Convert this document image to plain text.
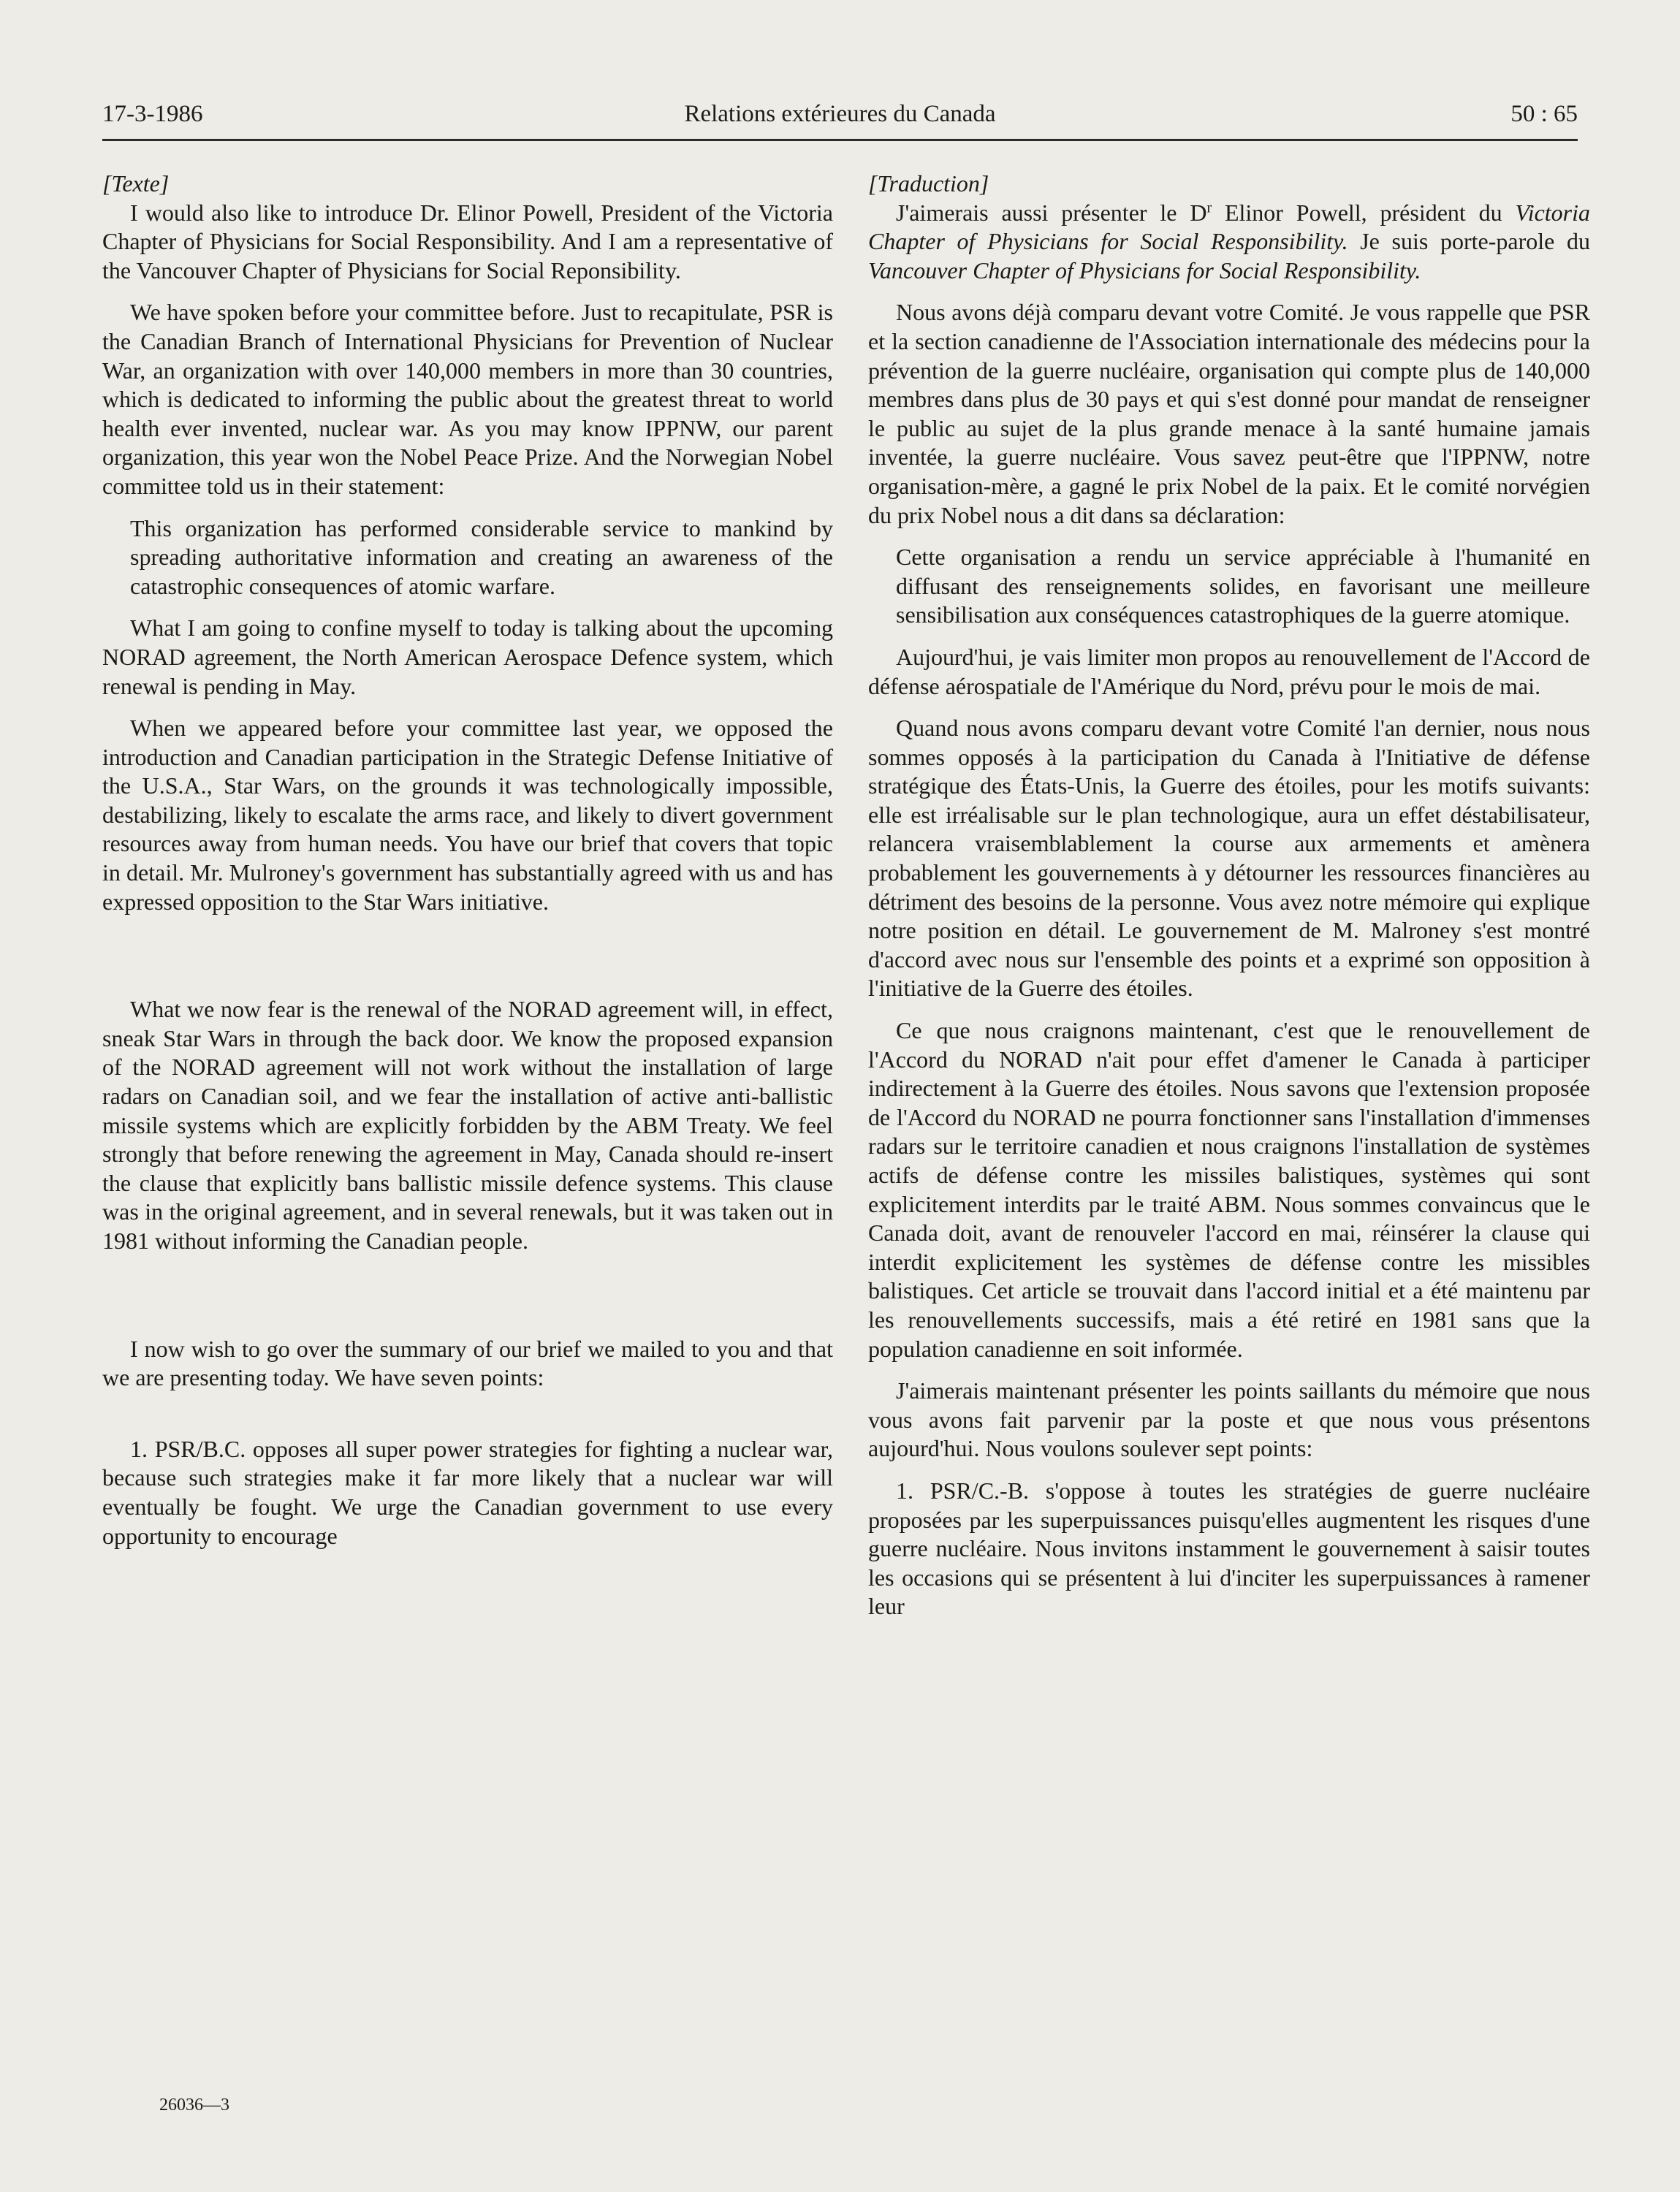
17-3-1986	Relations extérieures du Canada	50 : 65

[Texte]

I would also like to introduce Dr. Elinor Powell, President of the Victoria Chapter of Physicians for Social Responsibility. And I am a representative of the Vancouver Chapter of Physicians for Social Reponsibility.

We have spoken before your committee before. Just to recapitulate, PSR is the Canadian Branch of International Physicians for Prevention of Nuclear War, an organization with over 140,000 members in more than 30 countries, which is dedicated to informing the public about the greatest threat to world health ever invented, nuclear war. As you may know IPPNW, our parent organization, this year won the Nobel Peace Prize. And the Norwegian Nobel committee told us in their statement:

This organization has performed considerable service to mankind by spreading authoritative information and creating an awareness of the catastrophic consequences of atomic warfare.

What I am going to confine myself to today is talking about the upcoming NORAD agreement, the North American Aerospace Defence system, which renewal is pending in May.

When we appeared before your committee last year, we opposed the introduction and Canadian participation in the Strategic Defense Initiative of the U.S.A., Star Wars, on the grounds it was technologically impossible, destabilizing, likely to escalate the arms race, and likely to divert government resources away from human needs. You have our brief that covers that topic in detail. Mr. Mulroney's government has substantially agreed with us and has expressed opposition to the Star Wars initiative.

What we now fear is the renewal of the NORAD agreement will, in effect, sneak Star Wars in through the back door. We know the proposed expansion of the NORAD agreement will not work without the installation of large radars on Canadian soil, and we fear the installation of active anti-ballistic missile systems which are explicitly forbidden by the ABM Treaty. We feel strongly that before renewing the agreement in May, Canada should re-insert the clause that explicitly bans ballistic missile defence systems. This clause was in the original agreement, and in several renewals, but it was taken out in 1981 without informing the Canadian people.

I now wish to go over the summary of our brief we mailed to you and that we are presenting today. We have seven points:

1. PSR/B.C. opposes all super power strategies for fighting a nuclear war, because such strategies make it far more likely that a nuclear war will eventually be fought. We urge the Canadian government to use every opportunity to encourage

[Traduction]

J'aimerais aussi présenter le $D^r$ Elinor Powell, président du Victoria Chapter of Physicians for Social Responsibility. Je suis porte-parole du Vancouver Chapter of Physicians for Social Responsibility.

Nous avons déjà comparu devant votre Comité. Je vous rappelle que PSR et la section canadienne de l'Association internationale des médecins pour la prévention de la guerre nucléaire, organisation qui compte plus de 140,000 membres dans plus de 30 pays et qui s'est donné pour mandat de renseigner le public au sujet de la plus grande menace à la santé humaine jamais inventée, la guerre nucléaire. Vous savez peut-être que l'IPPNW, notre organisation-mère, a gagné le prix Nobel de la paix. Et le comité norvégien du prix Nobel nous a dit dans sa déclaration:

Cette organisation a rendu un service appréciable à l'humanité en diffusant des renseignements solides, en favorisant une meilleure sensibilisation aux conséquences catastrophiques de la guerre atomique.

Aujourd'hui, je vais limiter mon propos au renouvellement de l'Accord de défense aérospatiale de l'Amérique du Nord, prévu pour le mois de mai.

Quand nous avons comparu devant votre Comité l'an dernier, nous nous sommes opposés à la participation du Canada à l'Initiative de défense stratégique des États-Unis, la Guerre des étoiles, pour les motifs suivants: elle est irréalisable sur le plan technologique, aura un effet déstabilisateur, relancera vraisemblablement la course aux armements et amènera probablement les gouvernements à y détourner les ressources financières au détriment des besoins de la personne. Vous avez notre mémoire qui explique notre position en détail. Le gouvernement de M. Malroney s'est montré d'accord avec nous sur l'ensemble des points et a exprimé son opposition à l'initiative de la Guerre des étoiles.

Ce que nous craignons maintenant, c'est que le renouvellement de l'Accord du NORAD n'ait pour effet d'amener le Canada à participer indirectement à la Guerre des étoiles. Nous savons que l'extension proposée de l'Accord du NORAD ne pourra fonctionner sans l'installation d'immenses radars sur le territoire canadien et nous craignons l'installation de systèmes actifs de défense contre les missiles balistiques, systèmes qui sont explicitement interdits par le traité ABM. Nous sommes convaincus que le Canada doit, avant de renouveler l'accord en mai, réinsérer la clause qui interdit explicitement les systèmes de défense contre les missibles balistiques. Cet article se trouvait dans l'accord initial et a été maintenu par les renouvellements successifs, mais a été retiré en 1981 sans que la population canadienne en soit informée.

J'aimerais maintenant présenter les points saillants du mémoire que nous vous avons fait parvenir par la poste et que nous vous présentons aujourd'hui. Nous voulons soulever sept points:

1. PSR/C.-B. s'oppose à toutes les stratégies de guerre nucléaire proposées par les superpuissances puisqu'elles augmentent les risques d'une guerre nucléaire. Nous invitons instamment le gouvernement à saisir toutes les occasions qui se présentent à lui d'inciter les superpuissances à ramener leur

26036—3
